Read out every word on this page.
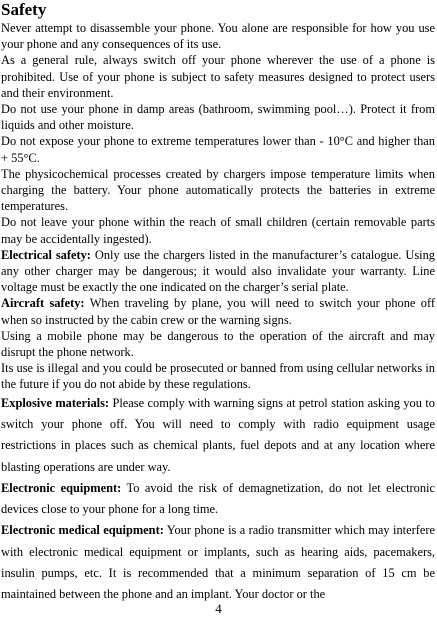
Safety

Never attempt to disassemble your phone. You alone are responsible for how you use your phone and any consequences of its use.

As a general rule, always switch off your phone wherever the use of a phone is prohibited. Use of your phone is subject to safety measures designed to protect users and their environment.

Do not use your phone in damp areas (bathroom, swimming pool…). Protect it from liquids and other moisture.

Do not expose your phone to extreme temperatures lower than - 10°C and higher than + 55°C.

The physicochemical processes created by chargers impose temperature limits when charging the battery. Your phone automatically protects the batteries in extreme temperatures.

Do not leave your phone within the reach of small children (certain removable parts may be accidentally ingested).

Electrical safety: Only use the chargers listed in the manufacturer’s catalogue. Using any other charger may be dangerous; it would also invalidate your warranty. Line voltage must be exactly the one indicated on the charger’s serial plate.

Aircraft safety: When traveling by plane, you will need to switch your phone off when so instructed by the cabin crew or the warning signs.

Using a mobile phone may be dangerous to the operation of the aircraft and may disrupt the phone network.

Its use is illegal and you could be prosecuted or banned from using cellular networks in the future if you do not abide by these regulations.

Explosive materials: Please comply with warning signs at petrol station asking you to switch your phone off. You will need to comply with radio equipment usage restrictions in places such as chemical plants, fuel depots and at any location where blasting operations are under way.

Electronic equipment: To avoid the risk of demagnetization, do not let electronic devices close to your phone for a long time.

Electronic medical equipment: Your phone is a radio transmitter which may interfere with electronic medical equipment or implants, such as hearing aids, pacemakers, insulin pumps, etc. It is recommended that a minimum separation of 15 cm be maintained between the phone and an implant. Your doctor or the

4
